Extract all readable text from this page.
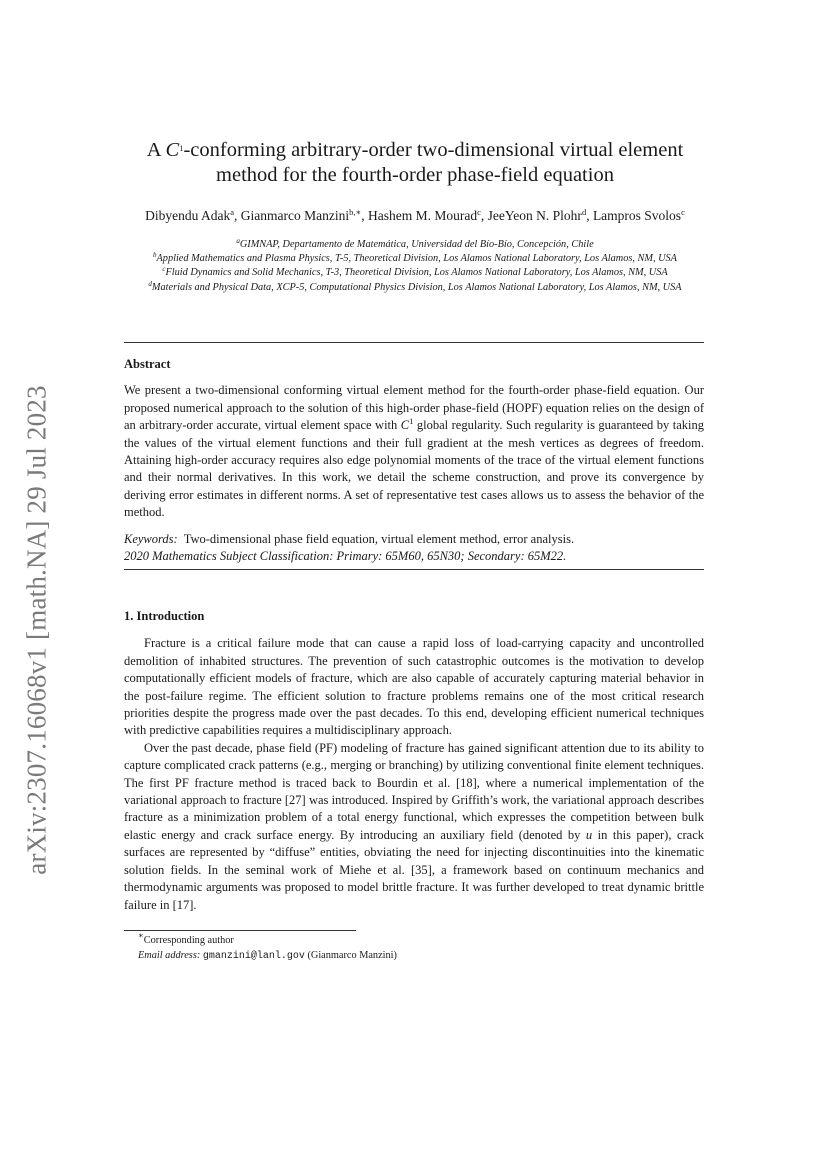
arXiv:2307.16068v1 [math.NA] 29 Jul 2023
A $C^1$-conforming arbitrary-order two-dimensional virtual element
method for the fourth-order phase-field equation
Dibyendu Adak$^a$, Gianmarco Manzini$^{b,∗}$, Hashem M. Mourad$^c$, JeeYeon N. Plohr$^d$, Lampros Svolos$^c$
$^a$GIMNAP, Departamento de Matemática, Universidad del Bío-Bío, Concepción, Chile
$^b$Applied Mathematics and Plasma Physics, T-5, Theoretical Division, Los Alamos National Laboratory, Los Alamos, NM, USA
$^c$Fluid Dynamics and Solid Mechanics, T-3, Theoretical Division, Los Alamos National Laboratory, Los Alamos, NM, USA
$^d$Materials and Physical Data, XCP-5, Computational Physics Division, Los Alamos National Laboratory, Los Alamos, NM, USA

Abstract

We present a two-dimensional conforming virtual element method for the fourth-order phase-field equation. Our proposed numerical approach to the solution of this high-order phase-field (HOPF) equation relies on the design of an arbitrary-order accurate, virtual element space with $C^1$ global regularity. Such regularity is guaranteed by taking the values of the virtual element functions and their full gradient at the mesh vertices as degrees of freedom. Attaining high-order accuracy requires also edge polynomial moments of the trace of the virtual element functions and their normal derivatives. In this work, we detail the scheme construction, and prove its convergence by deriving error estimates in different norms. A set of representative test cases allows us to assess the behavior of the method.

Keywords: Two-dimensional phase field equation, virtual element method, error analysis.
2020 Mathematics Subject Classification: Primary: 65M60, 65N30; Secondary: 65M22.

1. Introduction

Fracture is a critical failure mode that can cause a rapid loss of load-carrying capacity and uncontrolled demolition of inhabited structures. The prevention of such catastrophic outcomes is the motivation to develop computationally efficient models of fracture, which are also capable of accurately capturing material behavior in the post-failure regime. The efficient solution to fracture problems remains one of the most critical research priorities despite the progress made over the past decades. To this end, developing efficient numerical techniques with predictive capabilities requires a multidisciplinary approach.

Over the past decade, phase field (PF) modeling of fracture has gained significant attention due to its ability to capture complicated crack patterns (e.g., merging or branching) by utilizing conventional finite element techniques. The first PF fracture method is traced back to Bourdin et al. [18], where a numerical implementation of the variational approach to fracture [27] was introduced. Inspired by Griffith’s work, the variational approach describes fracture as a minimization problem of a total energy functional, which expresses the competition between bulk elastic energy and crack surface energy. By introducing an auxiliary field (denoted by u in this paper), crack surfaces are represented by “diffuse” entities, obviating the need for injecting discontinuities into the kinematic solution fields. In the seminal work of Miehe et al. [35], a framework based on continuum mechanics and thermodynamic arguments was proposed to model brittle fracture. It was further developed to treat dynamic brittle failure in [17].

∗Corresponding author
Email address: gmanzini@lanl.gov (Gianmarco Manzini)
